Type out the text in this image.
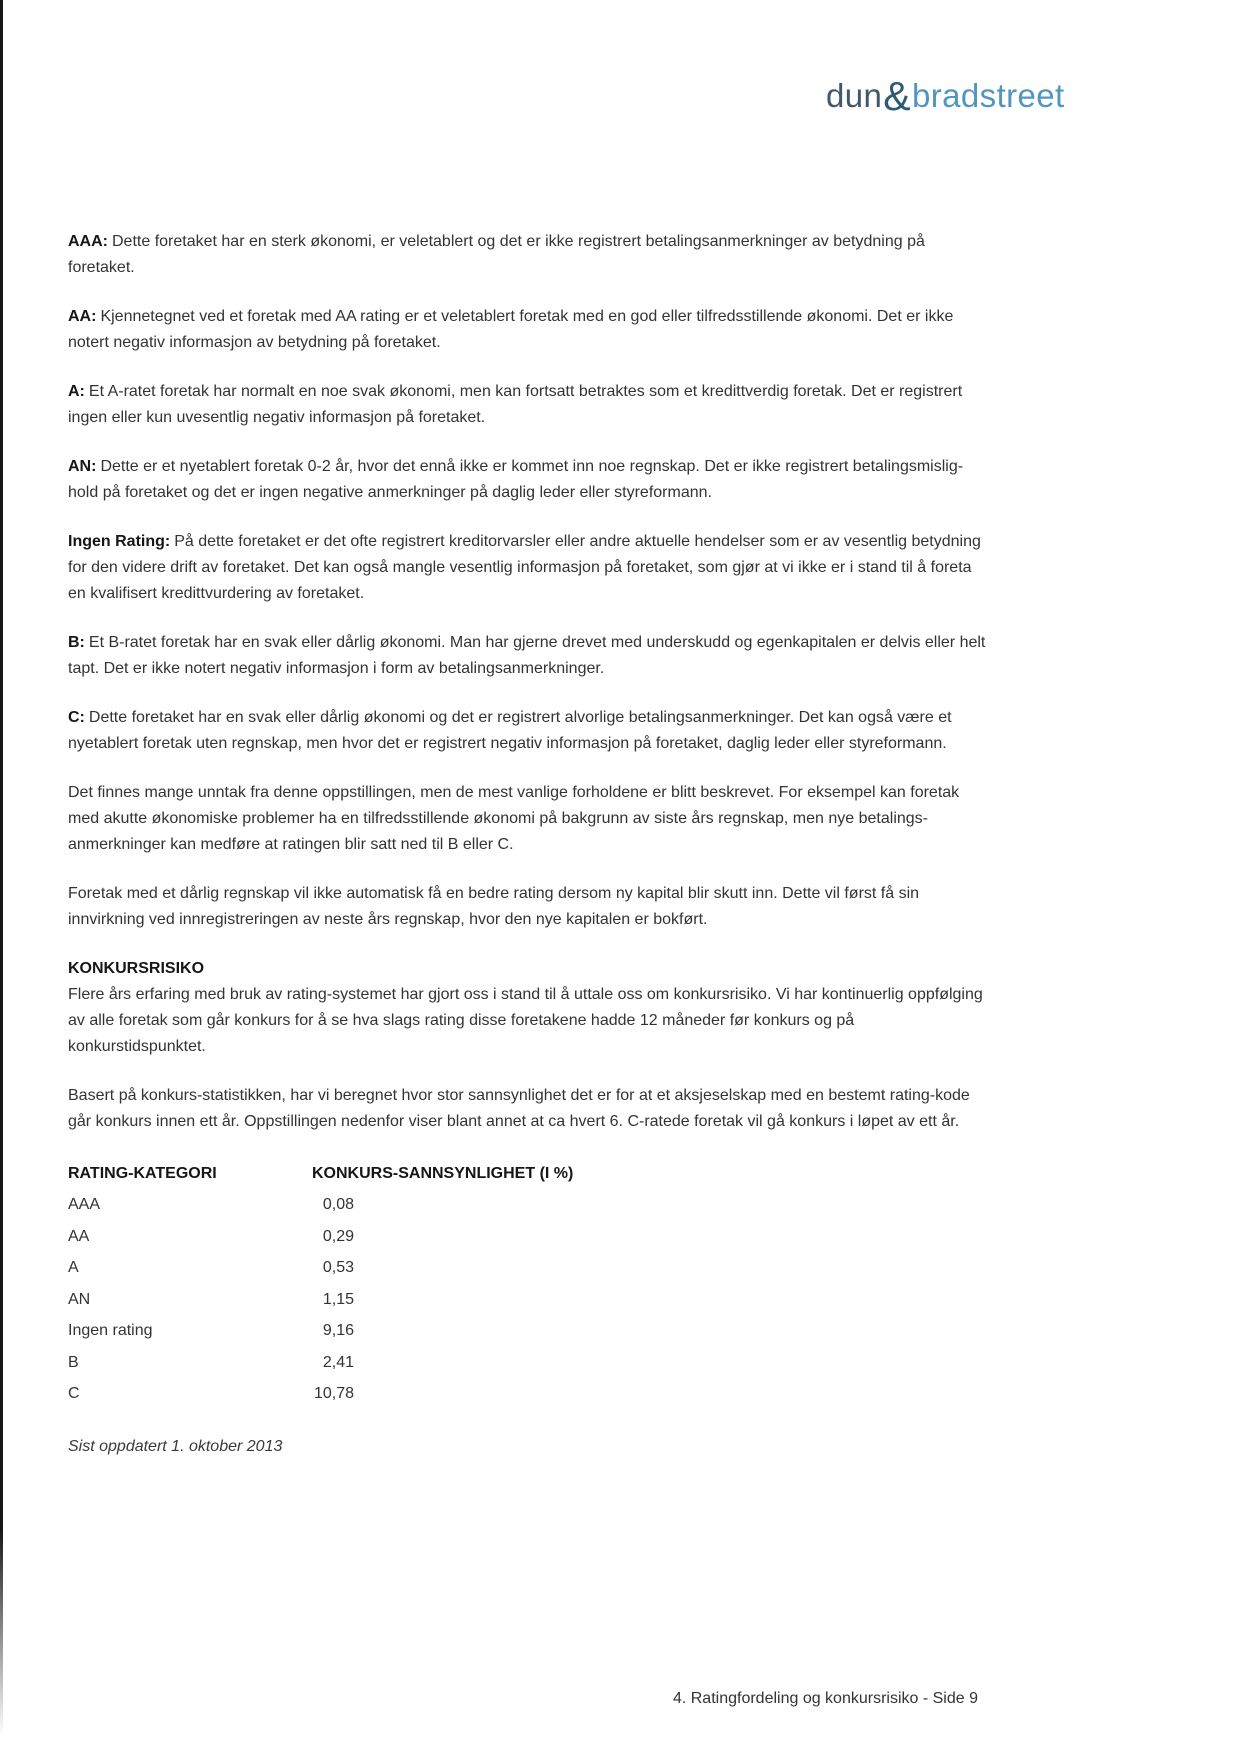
dun&bradstreet

AAA: Dette foretaket har en sterk økonomi, er veletablert og det er ikke registrert betalingsanmerkninger av betydning på foretaket.

AA: Kjennetegnet ved et foretak med AA rating er et veletablert foretak med en god eller tilfredsstillende økonomi. Det er ikke notert negativ informasjon av betydning på foretaket.

A: Et A-ratet foretak har normalt en noe svak økonomi, men kan fortsatt betraktes som et kredittverdig foretak. Det er registrert ingen eller kun uvesentlig negativ informasjon på foretaket.

AN: Dette er et nyetablert foretak 0-2 år, hvor det ennå ikke er kommet inn noe regnskap. Det er ikke registrert betalingsmislig- hold på foretaket og det er ingen negative anmerkninger på daglig leder eller styreformann.

Ingen Rating: På dette foretaket er det ofte registrert kreditorvarsler eller andre aktuelle hendelser som er av vesentlig betydning for den videre drift av foretaket. Det kan også mangle vesentlig informasjon på foretaket, som gjør at vi ikke er i stand til å foreta en kvalifisert kredittvurdering av foretaket.

B: Et B-ratet foretak har en svak eller dårlig økonomi. Man har gjerne drevet med underskudd og egenkapitalen er delvis eller helt tapt. Det er ikke notert negativ informasjon i form av betalingsanmerkninger.

C: Dette foretaket har en svak eller dårlig økonomi og det er registrert alvorlige betalingsanmerkninger. Det kan også være et nyetablert foretak uten regnskap, men hvor det er registrert negativ informasjon på foretaket, daglig leder eller styreformann.

Det finnes mange unntak fra denne oppstillingen, men de mest vanlige forholdene er blitt beskrevet. For eksempel kan foretak med akutte økonomiske problemer ha en tilfredsstillende økonomi på bakgrunn av siste års regnskap, men nye betalings- anmerkninger kan medføre at ratingen blir satt ned til B eller C.

Foretak med et dårlig regnskap vil ikke automatisk få en bedre rating dersom ny kapital blir skutt inn. Dette vil først få sin innvirkning ved innregistreringen av neste års regnskap, hvor den nye kapitalen er bokført.

KONKURSRISIKO

Flere års erfaring med bruk av rating-systemet har gjort oss i stand til å uttale oss om konkursrisiko. Vi har kontinuerlig oppfølging av alle foretak som går konkurs for å se hva slags rating disse foretakene hadde 12 måneder før konkurs og på konkurstidspunktet.

Basert på konkurs-statistikken, har vi beregnet hvor stor sannsynlighet det er for at et aksjeselskap med en bestemt rating-kode går konkurs innen ett år. Oppstillingen nedenfor viser blant annet at ca hvert 6. C-ratede foretak vil gå konkurs i løpet av ett år.

RATING-KATEGORI	KONKURS-SANNSYNLIGHET (I %)
AAA	0,08
AA	0,29
A	0,53
AN	1,15
Ingen rating	9,16
B	2,41
C	10,78
Sist oppdatert 1. oktober 2013
4. Ratingfordeling og konkursrisiko - Side 9
